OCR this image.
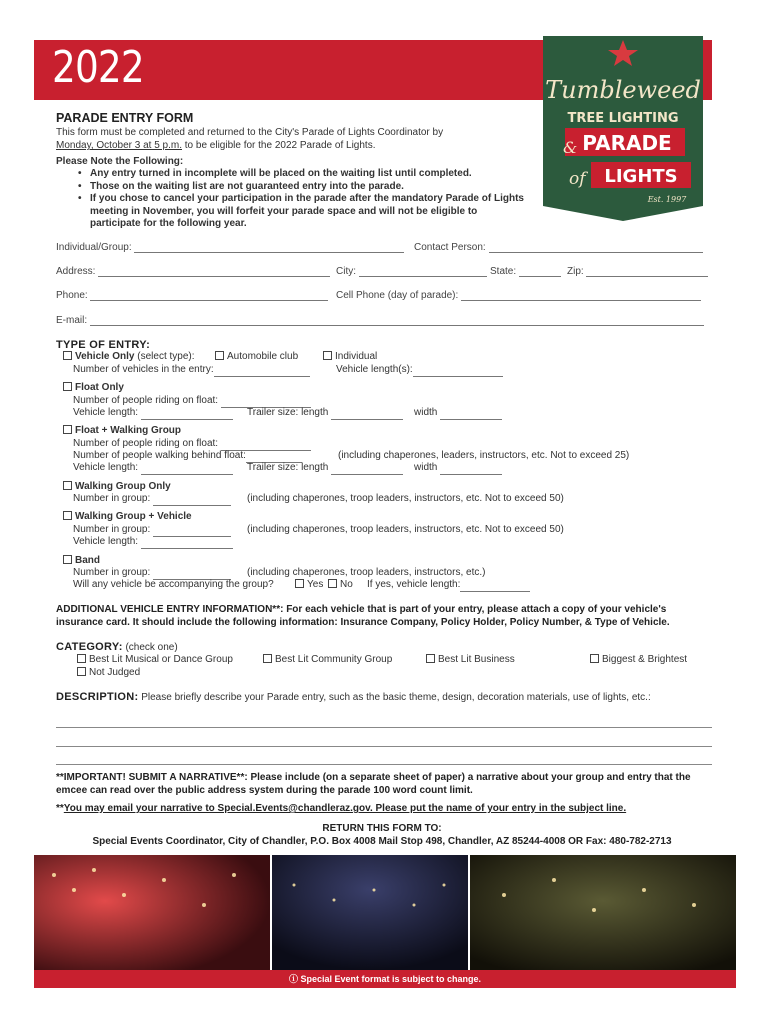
2022	Tumbleweed
TREE LIGHTING
& PARADE
of LIGHTS
Est. 1997
PARADE ENTRY FORM
This form must be completed and returned to the City's Parade of Lights Coordinator by
Monday, October 3 at 5 p.m. to be eligible for the 2022 Parade of Lights.
Please Note the Following:
• Any entry turned in incomplete will be placed on the waiting list until completed.
• Those on the waiting list are not guaranteed entry into the parade.
• If you chose to cancel your participation in the parade after the mandatory Parade of Lights meeting in November, you will forfeit your parade space and will not be eligible to participate for the following year.
Individual/Group:	Contact Person:
Address:	City:	State:	Zip:
Phone:	Cell Phone (day of parade):
E-mail:
TYPE OF ENTRY:
Vehicle Only (select type):	Automobile club	Individual
Number of vehicles in the entry:	Vehicle length(s):
Float Only
Number of people riding on float:
Vehicle length:	Trailer size: length	width
Float + Walking Group
Number of people riding on float:
Number of people walking behind float:	(including chaperones, leaders, instructors, etc. Not to exceed 25)
Vehicle length:	Trailer size: length	width
Walking Group Only
Number in group:	(including chaperones, troop leaders, instructors, etc. Not to exceed 50)
Walking Group + Vehicle
Number in group:	(including chaperones, troop leaders, instructors, etc. Not to exceed 50)
Vehicle length:
Band
Number in group:	(including chaperones, troop leaders, instructors, etc.)
Will any vehicle be accompanying the group?	Yes	No If yes, vehicle length:
ADDITIONAL VEHICLE ENTRY INFORMATION**: For each vehicle that is part of your entry, please attach a copy of your vehicle's insurance card. It should include the following information: Insurance Company, Policy Holder, Policy Number, & Type of Vehicle.
CATEGORY: (check one)
Best Lit Musical or Dance Group	Best Lit Community Group	Best Lit Business	Biggest & Brightest
Not Judged
DESCRIPTION: Please briefly describe your Parade entry, such as the basic theme, design, decoration materials, use of lights, etc.:
**IMPORTANT! SUBMIT A NARRATIVE**: Please include (on a separate sheet of paper) a narrative about your group and entry that the emcee can read over the public address system during the parade 100 word count limit.
**You may email your narrative to Special.Events@chandleraz.gov. Please put the name of your entry in the subject line.
RETURN THIS FORM TO:
Special Events Coordinator, City of Chandler, P.O. Box 4008 Mail Stop 498, Chandler, AZ 85244-4008 OR Fax: 480-782-2713
ⓘ Special Event format is subject to change.
